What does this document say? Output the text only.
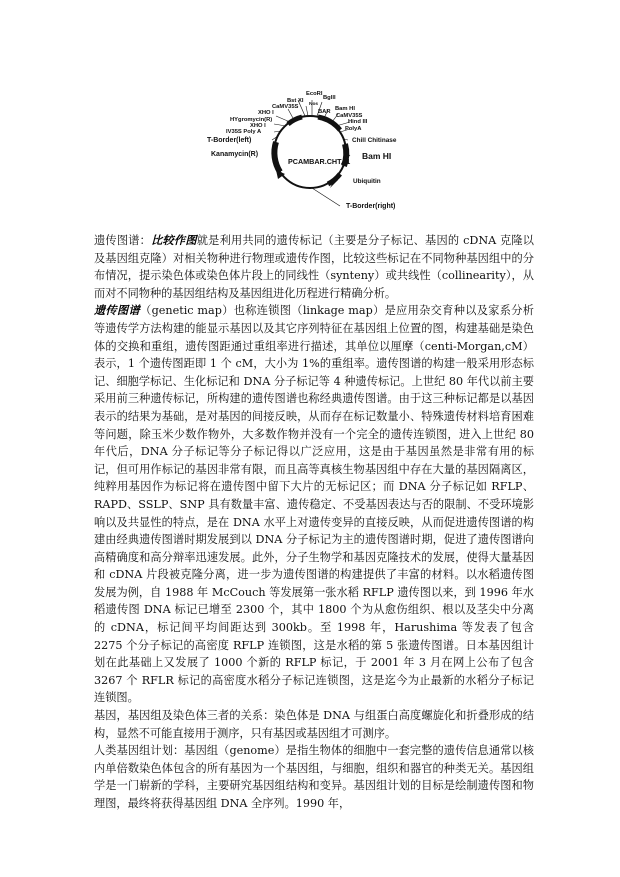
EcoRI
BglII
Bst XI
Nos
CaMV35S
BAR Bam HI
XHO I	CaMV35S
HYgromycin(R)	Hind III
XHO I	PolyA
IV35S Poly A
T-Border(left)	Chill Chitinase
Kanamycin(R)
PCAMBAR.CHT.11
Bam HI
Ubiquitin
T-Border(right)

遗传图谱：比较作图就是利用共同的遗传标记（主要是分子标记、基因的 cDNA 克隆以及基因组克隆）对相关物种进行物理或遗传作图，比较这些标记在不同物种基因组中的分布情况，提示染色体或染色体片段上的同线性（synteny）或共线性（collinearity），从而对不同物种的基因组结构及基因组进化历程进行精确分析。

遗传图谱（genetic map）也称连锁图（linkage map）是应用杂交育种以及家系分析等遗传学方法构建的能显示基因以及其它序列特征在基因组上位置的图，构建基础是染色体的交换和重组，遗传图距通过重组率进行描述，其单位以厘摩（centi-Morgan,cM）表示，1 个遗传图距即 1 个 cM，大小为 1%的重组率。遗传图谱的构建一般采用形态标记、细胞学标记、生化标记和 DNA 分子标记等 4 种遗传标记。上世纪 80 年代以前主要采用前三种遗传标记，所构建的遗传图谱也称经典遗传图谱。由于这三种标记都是以基因表示的结果为基础，是对基因的间接反映，从而存在标记数量小、特殊遗传材料培育困难等问题，除玉米少数作物外，大多数作物并没有一个完全的遗传连锁图，进入上世纪 80 年代后，DNA 分子标记等分子标记得以广泛应用，这是由于基因虽然是非常有用的标记，但可用作标记的基因非常有限，而且高等真核生物基因组中存在大量的基因隔离区，纯粹用基因作为标记将在遗传图中留下大片的无标记区；而 DNA 分子标记如 RFLP、RAPD、SSLP、SNP 具有数量丰富、遗传稳定、不受基因表达与否的限制、不受环境影响以及共显性的特点，是在 DNA 水平上对遗传变异的直接反映，从而促进遗传图谱的构建由经典遗传图谱时期发展到以 DNA 分子标记为主的遗传图谱时期，促进了遗传图谱向高精确度和高分辩率迅速发展。此外，分子生物学和基因克隆技术的发展，使得大量基因和 cDNA 片段被克隆分离，进一步为遗传图谱的构建提供了丰富的材料。以水稻遗传图发展为例，自 1988 年 McCouch 等发展第一张水稻 RFLP 遗传图以来，到 1996 年水稻遗传图 DNA 标记已增至 2300 个，其中 1800 个为从愈伤组织、根以及茎尖中分离的 cDNA，标记间平均间距达到 300kb。至 1998 年，Harushima 等发表了包含 2275 个分子标记的高密度 RFLP 连锁图，这是水稻的第 5 张遗传图谱。日本基因组计划在此基础上又发展了 1000 个新的 RFLP 标记，于 2001 年 3 月在网上公布了包含 3267 个 RFLR 标记的高密度水稻分子标记连锁图，这是迄今为止最新的水稻分子标记连锁图。

基因，基因组及染色体三者的关系：染色体是 DNA 与组蛋白高度螺旋化和折叠形成的结构，显然不可能直接用于测序，只有基因或基因组才可测序。

人类基因组计划：基因组（genome）是指生物体的细胞中一套完整的遗传信息通常以核内单倍数染色体包含的所有基因为一个基因组，与细胞，组织和器官的种类无关。基因组学是一门崭新的学科，主要研究基因组结构和变异。基因组计划的目标是绘制遗传图和物理图，最终将获得基因组 DNA 全序列。1990 年，
